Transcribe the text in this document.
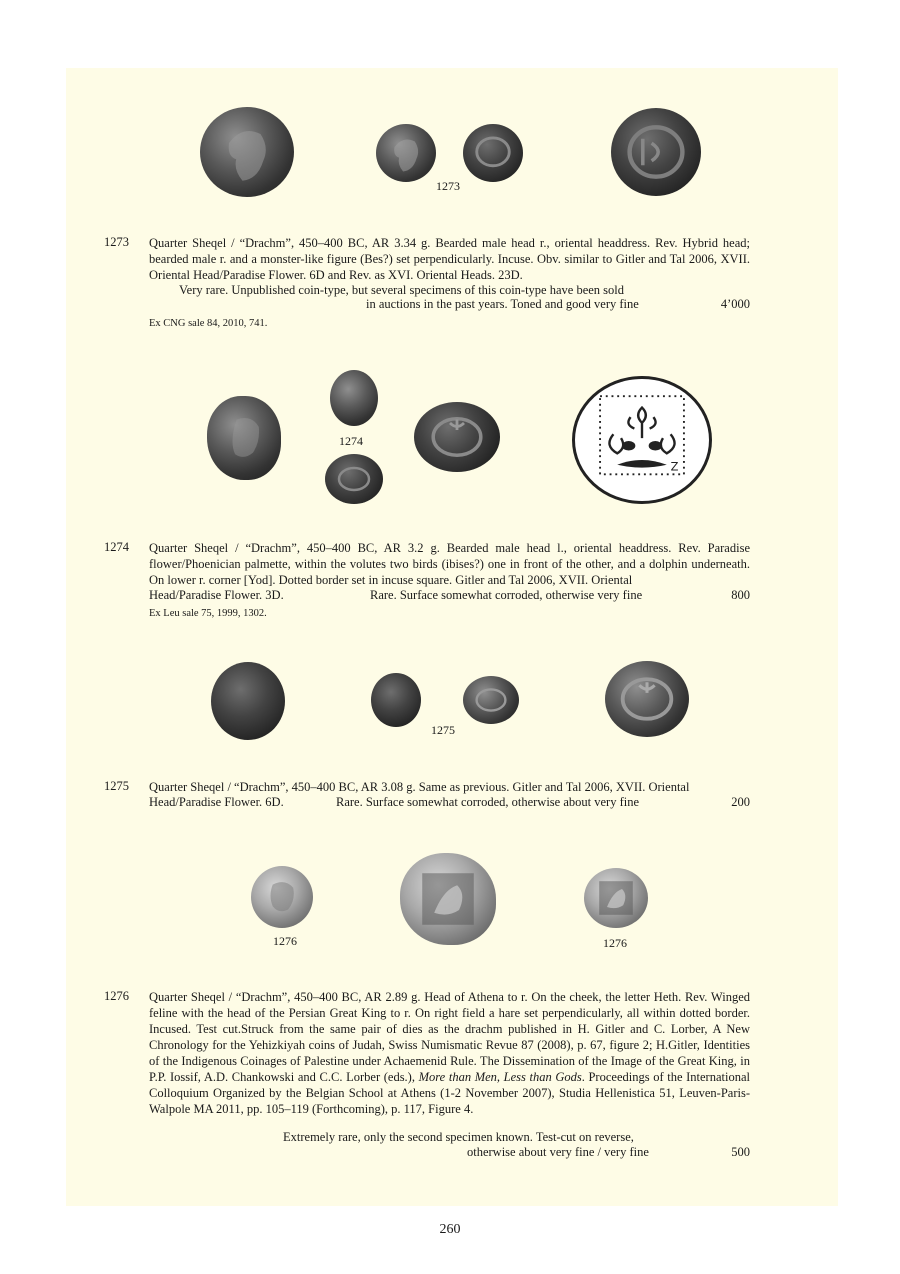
1273
1273 Quarter Sheqel / “Drachm”, 450–400 BC, AR 3.34 g. Bearded male head r., oriental headdress. Rev. Hybrid head; bearded male r. and a monster-like figure (Bes?) set perpendicularly. Incuse. Obv. similar to Gitler and Tal 2006, XVII. Oriental Head/Paradise Flower. 6D and Rev. as XVI. Oriental Heads. 23D.
Very rare. Unpublished coin-type, but several specimens of this coin-type have been sold
in auctions in the past years. Toned and good very fine	4’000
Ex CNG sale 84, 2010, 741.
1274
Z
1274 Quarter Sheqel / “Drachm”, 450–400 BC, AR 3.2 g. Bearded male head l., oriental headdress. Rev. Paradise flower/Phoenician palmette, within the volutes two birds (ibises?) one in front of the other, and a dolphin underneath. On lower r. corner [Yod]. Dotted border set in incuse square. Gitler and Tal 2006, XVII. Oriental
Head/Paradise Flower. 3D.	Rare. Surface somewhat corroded, otherwise very fine	800
Ex Leu sale 75, 1999, 1302.
1275
1275 Quarter Sheqel / “Drachm”, 450–400 BC, AR 3.08 g. Same as previous. Gitler and Tal 2006, XVII. Oriental
Head/Paradise Flower. 6D.	Rare. Surface somewhat corroded, otherwise about very fine	200
1276	1276
1276 Quarter Sheqel / “Drachm”, 450–400 BC, AR 2.89 g. Head of Athena to r. On the cheek, the letter Heth. Rev. Winged feline with the head of the Persian Great King to r. On right field a hare set perpendicularly, all within dotted border. Incused. Test cut.Struck from the same pair of dies as the drachm published in H. Gitler and C. Lorber, A New Chronology for the Yehizkiyah coins of Judah, Swiss Numismatic Revue 87 (2008), p. 67, figure 2; H.Gitler, Identities of the Indigenous Coinages of Palestine under Achaemenid Rule. The Dissemination of the Image of the Great King, in P.P. Iossif, A.D. Chankowski and C.C. Lorber (eds.), More than Men, Less than Gods. Proceedings of the International Colloquium Organized by the Belgian School at Athens (1-2 November 2007), Studia Hellenistica 51, Leuven-Paris-Walpole MA 2011, pp. 105–119 (Forthcoming), p. 117, Figure 4.
Extremely rare, only the second specimen known. Test-cut on reverse,
otherwise about very fine / very fine	500
260
